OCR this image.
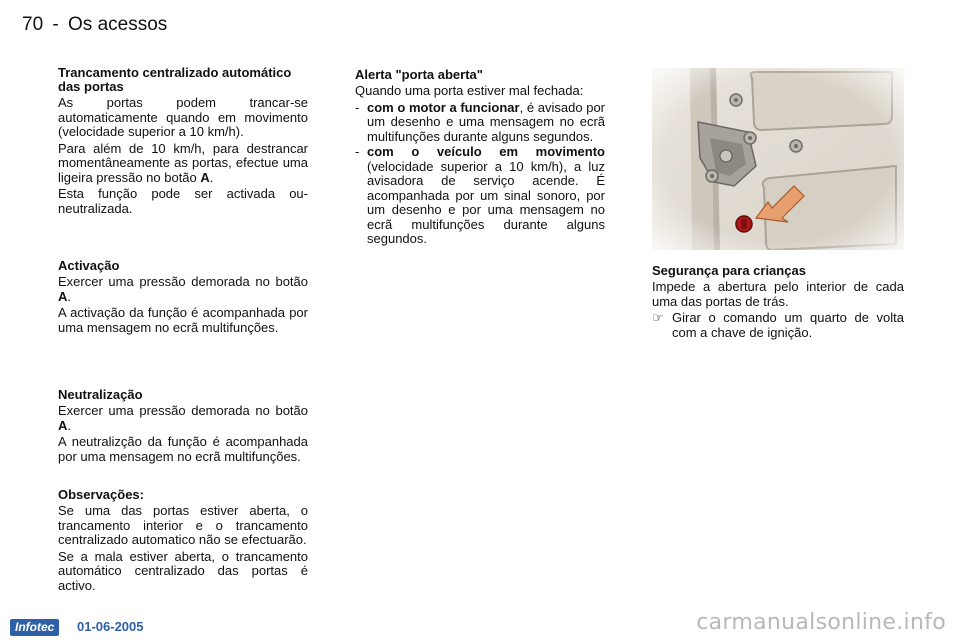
70 - Os acessos
Trancamento centralizado automático das portas

As portas podem trancar-se automaticamente quando em movimento (velocidade superior a 10 km/h).

Para além de 10 km/h, para destrancar momentâneamente as portas, efectue uma ligeira pressão no botão A.

Esta função pode ser activada ou-neutralizada.

Activação

Exercer uma pressão demorada no botão A.

A activação da função é acompanhada por uma mensagem no ecrã multifunções.

Neutralização

Exercer uma pressão demorada no botão A.

A neutralizção da função é acompanhada por uma mensagem no ecrã multifunções.

Observações:

Se uma das portas estiver aberta, o trancamento interior e o trancamento centralizado automatico não se efectuarão.

Se a mala estiver aberta, o trancamento automático centralizado das portas é activo.

Alerta "porta aberta"

Quando uma porta estiver mal fechada:

- com o motor a funcionar, é avisado por um desenho e uma mensagem no ecrã multifunções durante alguns segundos.
- com o veículo em movimento (velocidade superior a 10 km/h), a luz avisadora de serviço acende. É acompanhada por um sinal sonoro, por um desenho e por uma mensagem no ecrã multifunções durante alguns segundos.
Segurança para crianças

Impede a abertura pelo interior de cada uma das portas de trás.

☞ Girar o comando um quarto de volta com a chave de ignição.
Infotec	01-06-2005	carmanualsonline.info
